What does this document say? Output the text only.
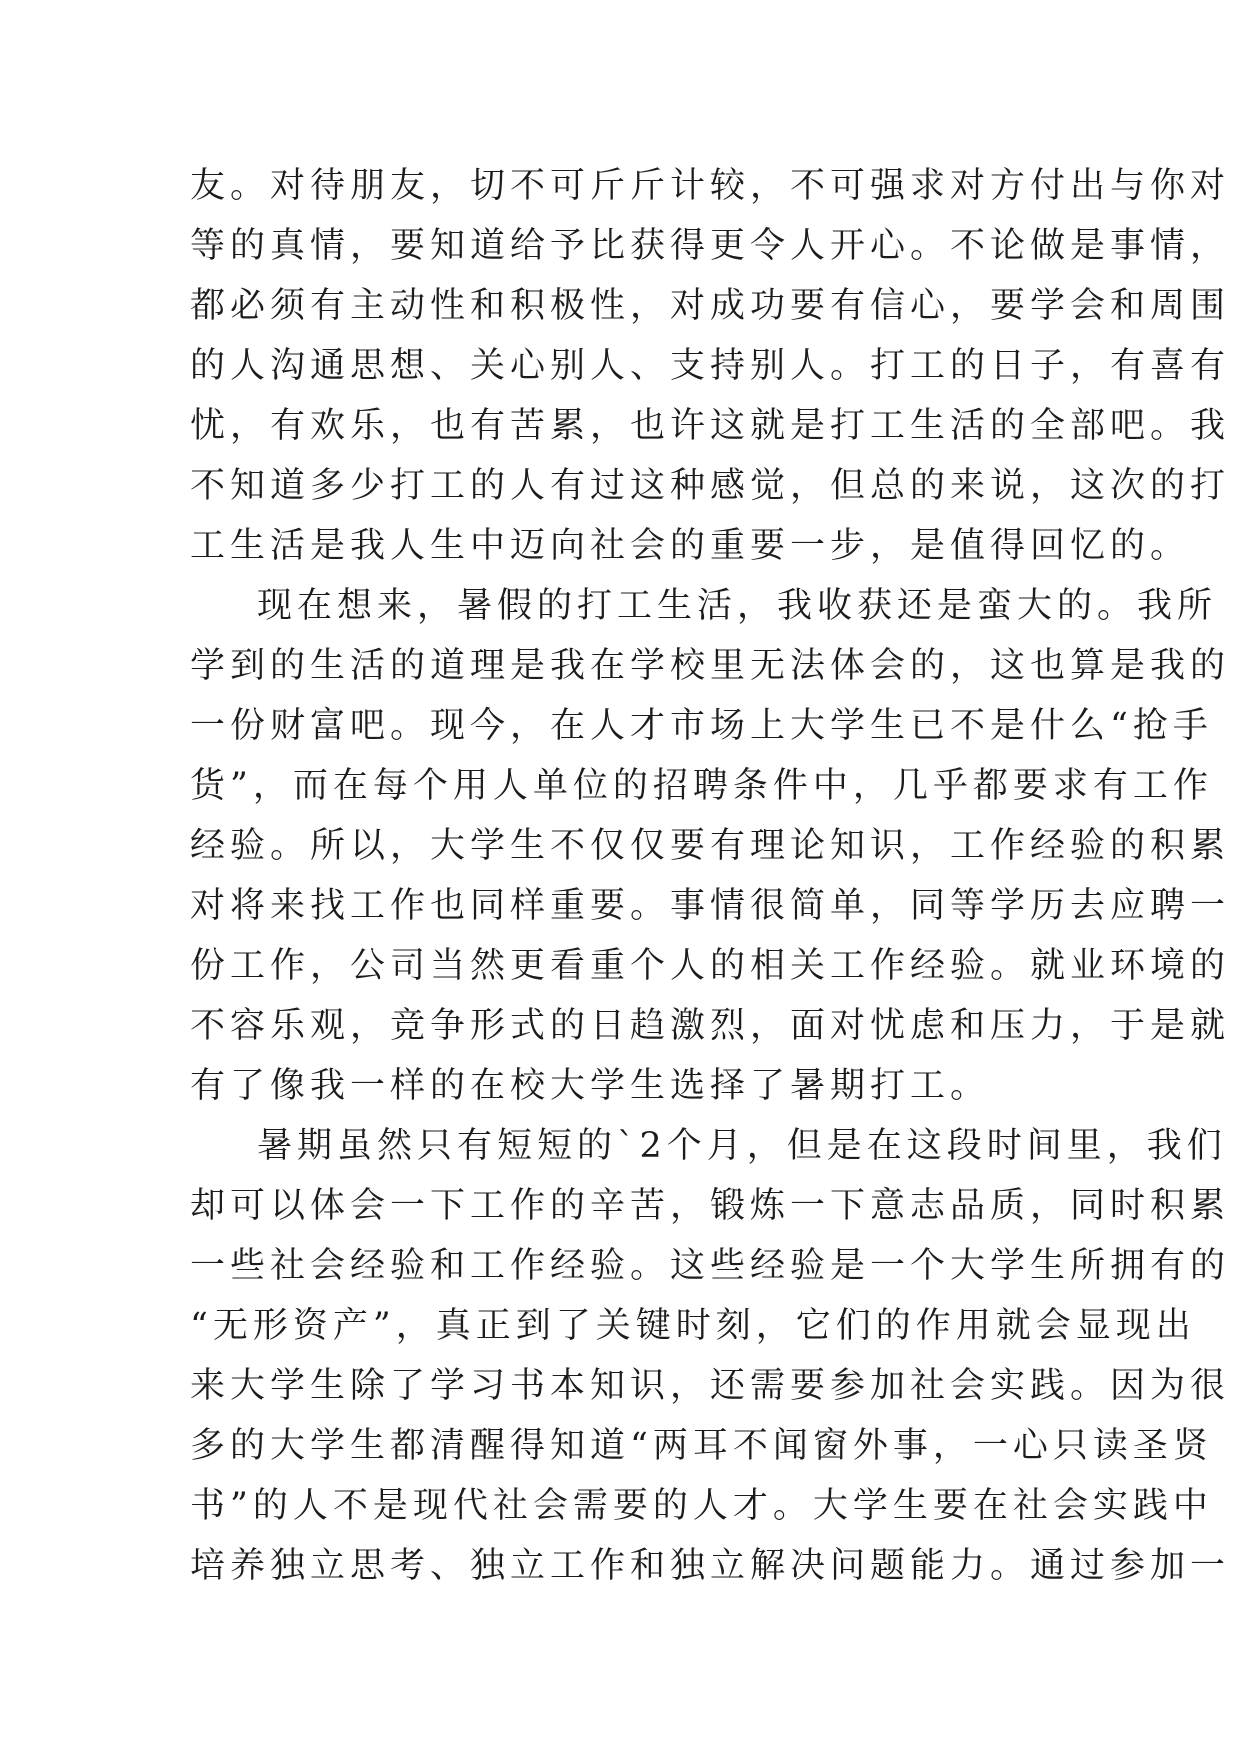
友。对待朋友，切不可斤斤计较，不可强求对方付出与你对
等的真情，要知道给予比获得更令人开心。不论做是事情，
都必须有主动性和积极性，对成功要有信心，要学会和周围
的人沟通思想、关心别人、支持别人。打工的日子，有喜有
忧，有欢乐，也有苦累，也许这就是打工生活的全部吧。我
不知道多少打工的人有过这种感觉，但总的来说，这次的打
工生活是我人生中迈向社会的重要一步，是值得回忆的。
现在想来，暑假的打工生活，我收获还是蛮大的。我所
学到的生活的道理是我在学校里无法体会的，这也算是我的
一份财富吧。现今，在人才市场上大学生已不是什么“抢手
货”，而在每个用人单位的招聘条件中，几乎都要求有工作
经验。所以，大学生不仅仅要有理论知识，工作经验的积累
对将来找工作也同样重要。事情很简单，同等学历去应聘一
份工作，公司当然更看重个人的相关工作经验。就业环境的
不容乐观，竞争形式的日趋激烈，面对忧虑和压力，于是就
有了像我一样的在校大学生选择了暑期打工。
暑期虽然只有短短的`2个月，但是在这段时间里，我们
却可以体会一下工作的辛苦，锻炼一下意志品质，同时积累
一些社会经验和工作经验。这些经验是一个大学生所拥有的
“无形资产”，真正到了关键时刻，它们的作用就会显现出
来大学生除了学习书本知识，还需要参加社会实践。因为很
多的大学生都清醒得知道“两耳不闻窗外事，一心只读圣贤
书”的人不是现代社会需要的人才。大学生要在社会实践中
培养独立思考、独立工作和独立解决问题能力。通过参加一
